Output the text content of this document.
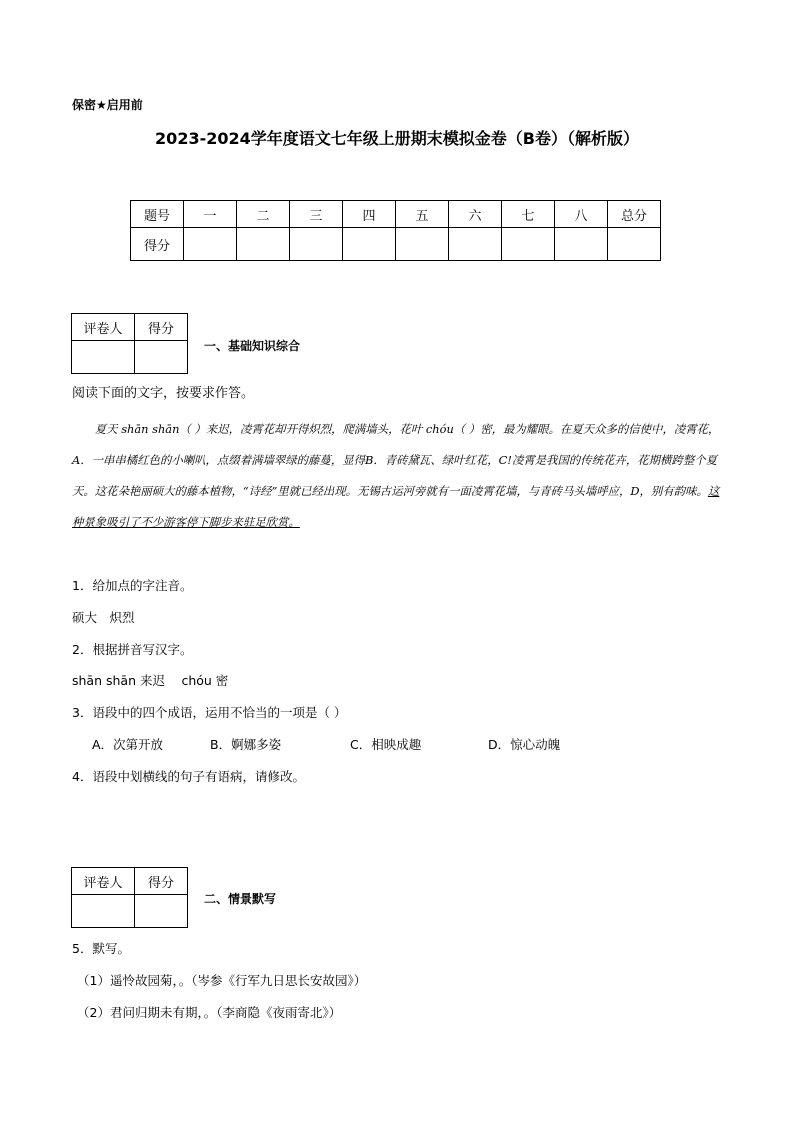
保密★启用前
2023-2024学年度语文七年级上册期末模拟金卷（B卷）（解析版）
题号	一	二	三	四	五	六	七	八	总分
得分									
评卷人	得分

一、基础知识综合
阅读下面的文字，按要求作答。
夏天 shān shān（ ）来迟，凌霄花却开得炽烈，爬满墙头，花叶 chóu（ ）密，最为耀眼。在夏天众多的信使中，凌霄花，A．一串串橘红色的小喇叭，点缀着满墙翠绿的藤蔓，显得B．青砖黛瓦、绿叶红花，C!凌霄是我国的传统花卉，花期横跨整个夏天。这花朵艳丽硕大的藤本植物，“诗经”里就已经出现。无锡古运河旁就有一面凌霄花墙，与青砖马头墙呼应，D，别有韵味。这种景象吸引了不少游客停下脚步来驻足欣赏。
1．给加点的字注音。
硕大　炽烈
2．根据拼音写汉字。
shān shān 来迟　 chóu 密
3．语段中的四个成语，运用不恰当的一项是（ ）
A．次第开放	B．婀娜多姿	C．相映成趣	D．惊心动魄
4．语段中划横线的句子有语病，请修改。
评卷人	得分

二、情景默写
5．默写。
（1）遥怜故园菊，。（岑参《行军九日思长安故园》）
（2）君问归期未有期，。（李商隐《夜雨寄北》）
